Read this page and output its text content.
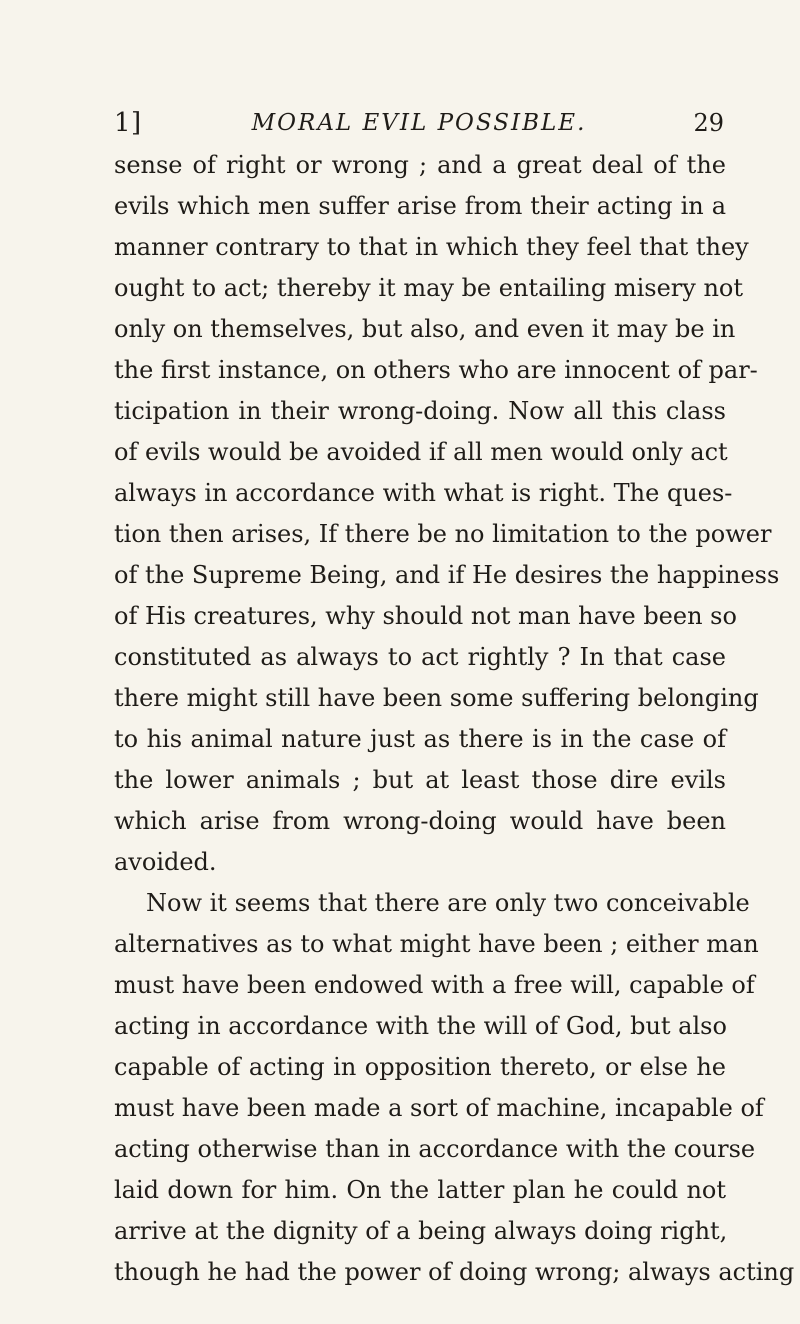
1]	MORAL EVIL POSSIBLE.	29
sense of right or wrong ; and a great deal of the
evils which men suffer arise from their acting in a
manner contrary to that in which they feel that they
ought to act; thereby it may be entailing misery not
only on themselves, but also, and even it may be in
the first instance, on others who are innocent of par-
ticipation in their wrong-doing. Now all this class
of evils would be avoided if all men would only act
always in accordance with what is right. The ques-
tion then arises, If there be no limitation to the power
of the Supreme Being, and if He desires the happiness
of His creatures, why should not man have been so
constituted as always to act rightly ? In that case
there might still have been some suffering belonging
to his animal nature just as there is in the case of
the lower animals ; but at least those dire evils
which arise from wrong-doing would have been
avoided.
Now it seems that there are only two conceivable
alternatives as to what might have been ; either man
must have been endowed with a free will, capable of
acting in accordance with the will of God, but also
capable of acting in opposition thereto, or else he
must have been made a sort of machine, incapable of
acting otherwise than in accordance with the course
laid down for him. On the latter plan he could not
arrive at the dignity of a being always doing right,
though he had the power of doing wrong; always acting
